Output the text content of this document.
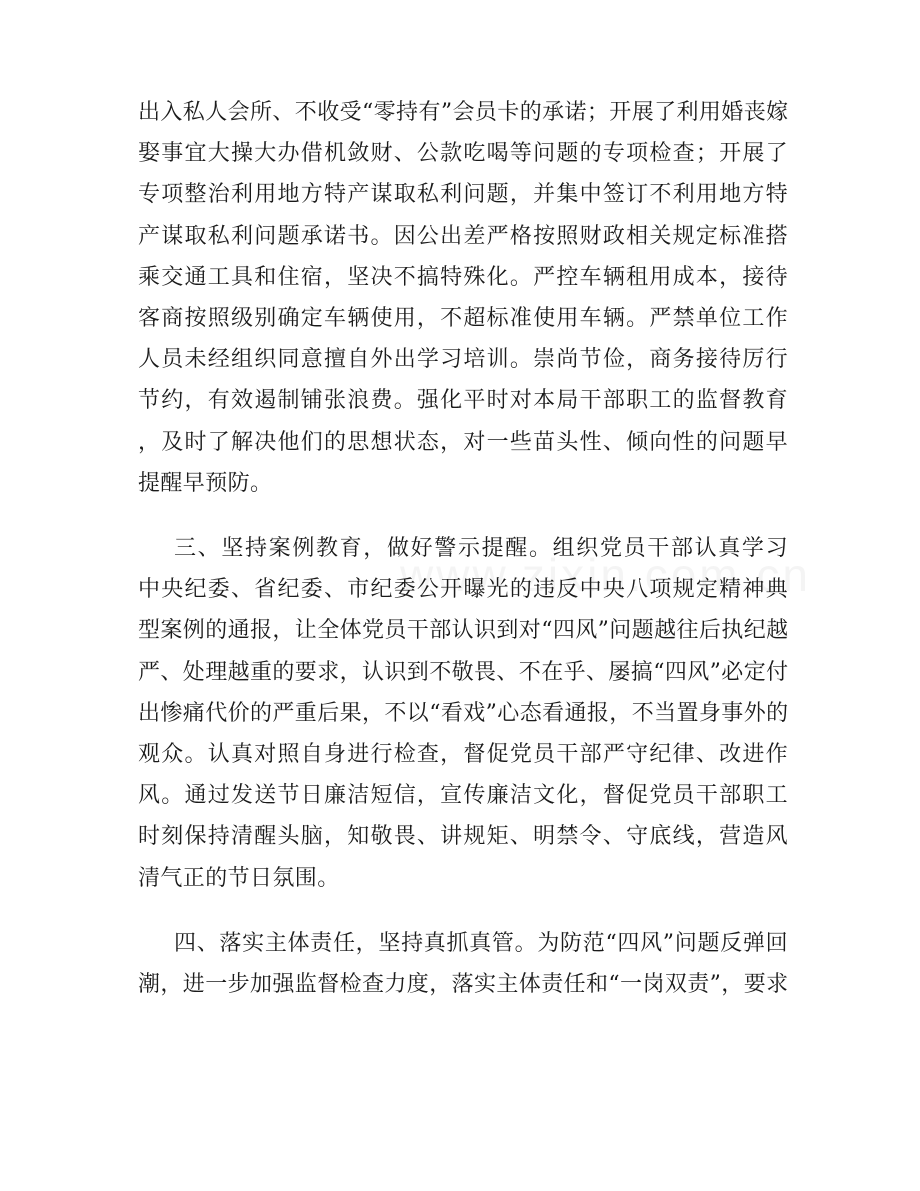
出入私人会所、不收受“零持有”会员卡的承诺；开展了利用婚丧嫁
娶事宜大操大办借机敛财、公款吃喝等问题的专项检查；开展了
专项整治利用地方特产谋取私利问题，并集中签订不利用地方特
产谋取私利问题承诺书。因公出差严格按照财政相关规定标准搭
乘交通工具和住宿，坚决不搞特殊化。严控车辆租用成本，接待
客商按照级别确定车辆使用，不超标准使用车辆。严禁单位工作
人员未经组织同意擅自外出学习培训。崇尚节俭，商务接待厉行
节约，有效遏制铺张浪费。强化平时对本局干部职工的监督教育
，及时了解决他们的思想状态，对一些苗头性、倾向性的问题早
提醒早预防。

三、坚持案例教育，做好警示提醒。组织党员干部认真学习
中央纪委、省纪委、市纪委公开曝光的违反中央八项规定精神典
型案例的通报，让全体党员干部认识到对“四风”问题越往后执纪越
严、处理越重的要求，认识到不敬畏、不在乎、屡搞“四风”必定付
出惨痛代价的严重后果，不以“看戏”心态看通报，不当置身事外的
观众。认真对照自身进行检查，督促党员干部严守纪律、改进作
风。通过发送节日廉洁短信，宣传廉洁文化，督促党员干部职工
时刻保持清醒头脑，知敬畏、讲规矩、明禁令、守底线，营造风
清气正的节日氛围。

四、落实主体责任，坚持真抓真管。为防范“四风”问题反弹回
潮，进一步加强监督检查力度，落实主体责任和“一岗双责”，要求
